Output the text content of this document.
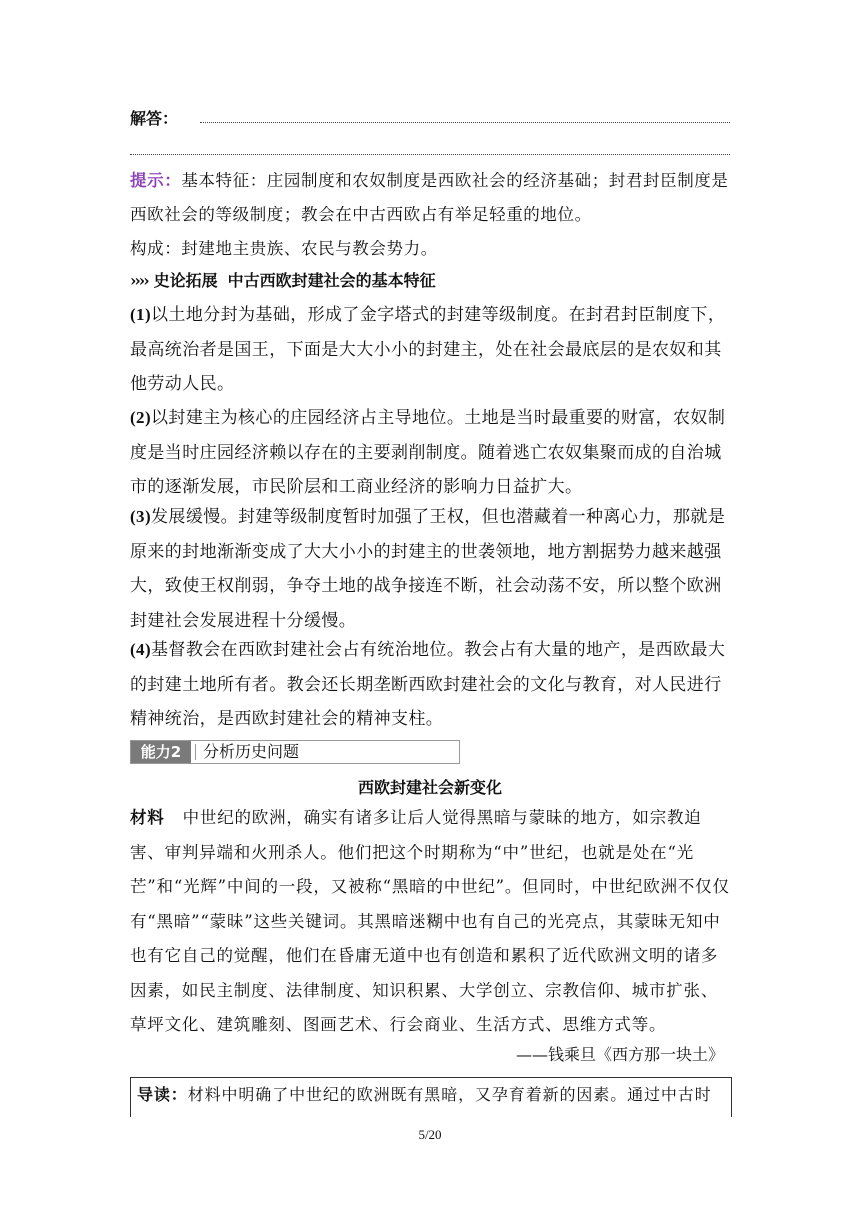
解答：
提示：基本特征：庄园制度和农奴制度是西欧社会的经济基础；封君封臣制度是西欧社会的等级制度；教会在中古西欧占有举足轻重的地位。
构成：封建地主贵族、农民与教会势力。
›››› 史论拓展 中古西欧封建社会的基本特征
(1)以土地分封为基础，形成了金字塔式的封建等级制度。在封君封臣制度下，最高统治者是国王，下面是大大小小的封建主，处在社会最底层的是农奴和其他劳动人民。
(2)以封建主为核心的庄园经济占主导地位。土地是当时最重要的财富，农奴制度是当时庄园经济赖以存在的主要剥削制度。随着逃亡农奴集聚而成的自治城市的逐渐发展，市民阶层和工商业经济的影响力日益扩大。
(3)发展缓慢。封建等级制度暂时加强了王权，但也潜藏着一种离心力，那就是原来的封地渐渐变成了大大小小的封建主的世袭领地，地方割据势力越来越强大，致使王权削弱，争夺土地的战争接连不断，社会动荡不安，所以整个欧洲封建社会发展进程十分缓慢。
(4)基督教会在西欧封建社会占有统治地位。教会占有大量的地产，是西欧最大的封建土地所有者。教会还长期垄断西欧封建社会的文化与教育，对人民进行精神统治，是西欧封建社会的精神支柱。
能力2	分析历史问题
西欧封建社会新变化
材料 中世纪的欧洲，确实有诸多让后人觉得黑暗与蒙昧的地方，如宗教迫害、审判异端和火刑杀人。他们把这个时期称为“中”世纪，也就是处在“光芒”和“光辉”中间的一段，又被称“黑暗的中世纪”。但同时，中世纪欧洲不仅仅有“黑暗”“蒙昧”这些关键词。其黑暗迷糊中也有自己的光亮点，其蒙昧无知中也有它自己的觉醒，他们在昏庸无道中也有创造和累积了近代欧洲文明的诸多因素，如民主制度、法律制度、知识积累、大学创立、宗教信仰、城市扩张、草坪文化、建筑雕刻、图画艺术、行会商业、生活方式、思维方式等。
——钱乘旦《西方那一块土》
导读：材料中明确了中世纪的欧洲既有黑暗，又孕育着新的因素。通过中古时
5/20
